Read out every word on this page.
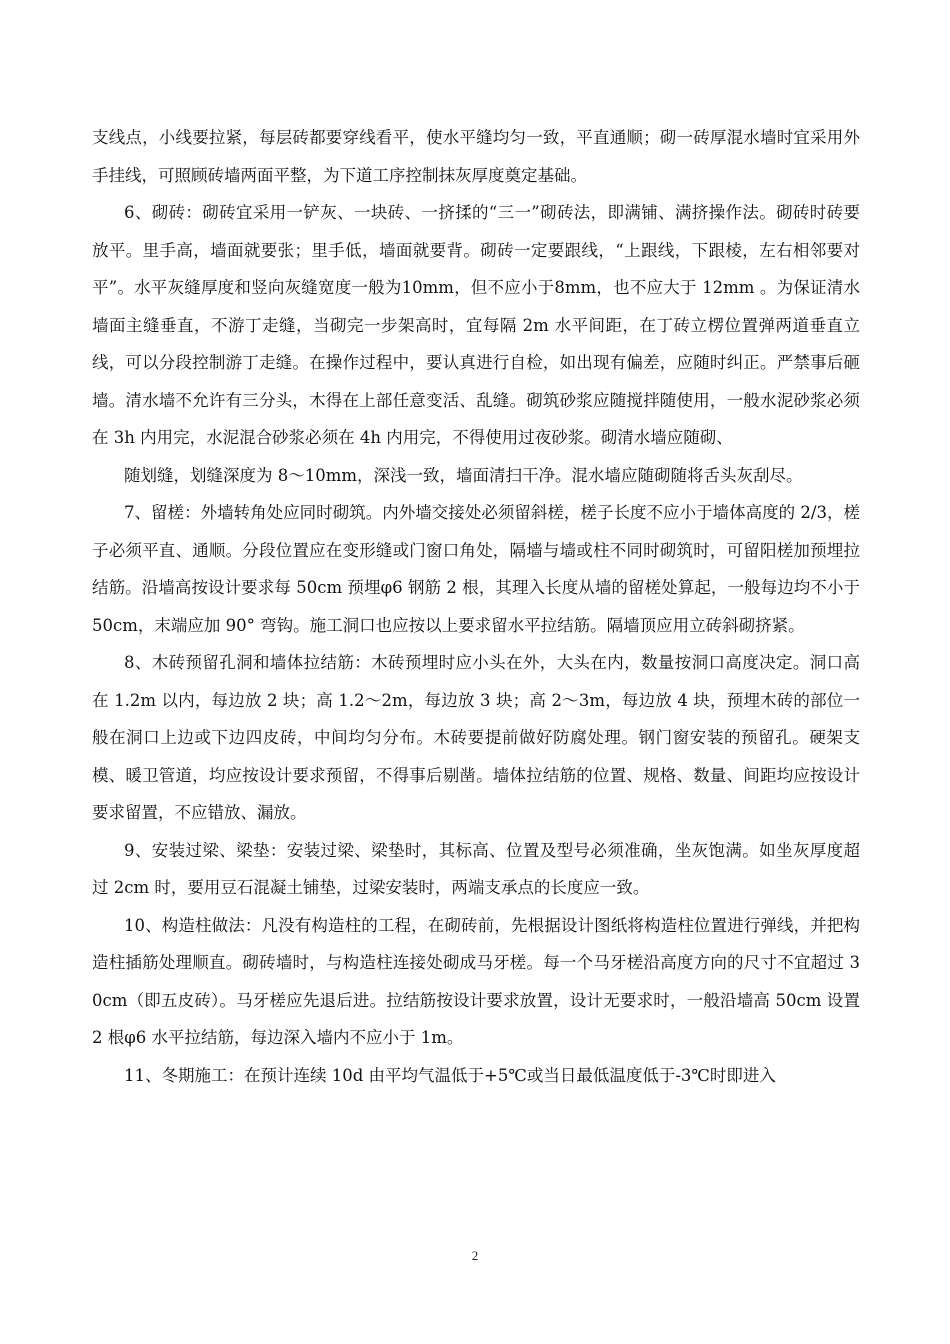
支线点，小线要拉紧，每层砖都要穿线看平，使水平缝均匀一致，平直通顺；砌一砖厚混水墙时宜采用外手挂线，可照顾砖墙两面平整，为下道工序控制抹灰厚度奠定基础。

6、砌砖：砌砖宜采用一铲灰、一块砖、一挤揉的“三一”砌砖法，即满铺、满挤操作法。砌砖时砖要放平。里手高，墙面就要张；里手低，墙面就要背。砌砖一定要跟线，“上跟线，下跟棱，左右相邻要对平”。水平灰缝厚度和竖向灰缝宽度一般为10mm，但不应小于8mm，也不应大于 12mm 。为保证清水墙面主缝垂直，不游丁走缝，当砌完一步架高时，宜每隔 2m 水平间距，在丁砖立楞位置弹两道垂直立线，可以分段控制游丁走缝。在操作过程中，要认真进行自检，如出现有偏差，应随时纠正。严禁事后砸墙。清水墙不允许有三分头，木得在上部任意变活、乱缝。砌筑砂浆应随搅拌随使用，一般水泥砂浆必须在 3h 内用完，水泥混合砂浆必须在 4h 内用完，不得使用过夜砂浆。砌清水墙应随砌、

随划缝，划缝深度为 8～10mm，深浅一致，墙面清扫干净。混水墙应随砌随将舌头灰刮尽。

7、留槎：外墙转角处应同时砌筑。内外墙交接处必须留斜槎，槎子长度不应小于墙体高度的 2/3，槎子必须平直、通顺。分段位置应在变形缝或门窗口角处，隔墙与墙或柱不同时砌筑时，可留阳槎加预埋拉结筋。沿墙高按设计要求每 50cm 预埋φ6 钢筋 2 根，其理入长度从墙的留槎处算起，一般每边均不小于 50cm，末端应加 90° 弯钩。施工洞口也应按以上要求留水平拉结筋。隔墙顶应用立砖斜砌挤紧。

8、木砖预留孔洞和墙体拉结筋：木砖预埋时应小头在外，大头在内，数量按洞口高度决定。洞口高在 1.2m 以内，每边放 2 块；高 1.2～2m，每边放 3 块；高 2～3m，每边放 4 块，预埋木砖的部位一般在洞口上边或下边四皮砖，中间均匀分布。木砖要提前做好防腐处理。钢门窗安装的预留孔。硬架支模、暖卫管道，均应按设计要求预留，不得事后剔凿。墙体拉结筋的位置、规格、数量、间距均应按设计要求留置，不应错放、漏放。

9、安装过梁、梁垫：安装过梁、梁垫时，其标高、位置及型号必须准确，坐灰饱满。如坐灰厚度超过 2cm 时，要用豆石混凝土铺垫，过梁安装时，两端支承点的长度应一致。

10、构造柱做法：凡没有构造柱的工程，在砌砖前，先根据设计图纸将构造柱位置进行弹线，并把构造柱插筋处理顺直。砌砖墙时，与构造柱连接处砌成马牙槎。每一个马牙槎沿高度方向的尺寸不宜超过 30cm（即五皮砖）。马牙槎应先退后进。拉结筋按设计要求放置，设计无要求时，一般沿墙高 50cm 设置 2 根φ6 水平拉结筋，每边深入墙内不应小于 1m。

11、冬期施工：在预计连续 10d 由平均气温低于+5℃或当日最低温度低于-3℃时即进入

2
